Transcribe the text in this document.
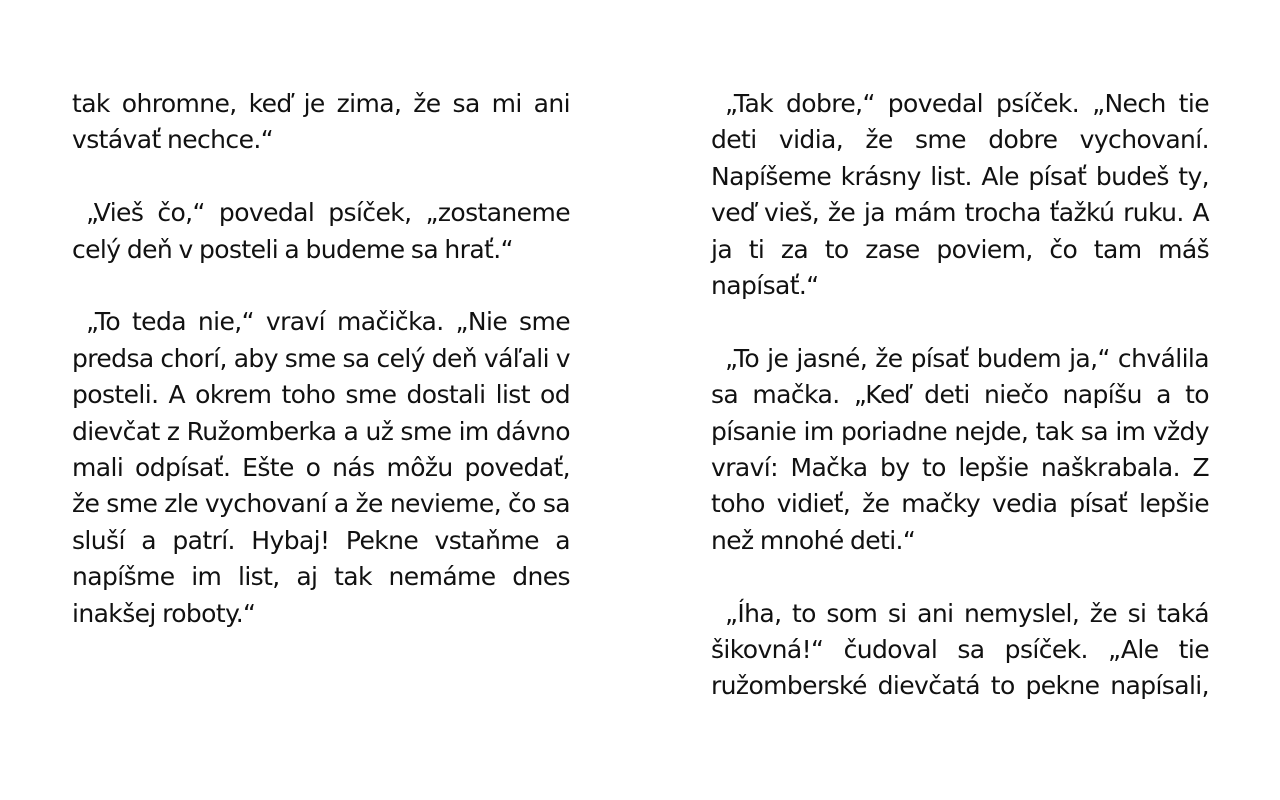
tak ohromne, keď je zima, že sa mi ani vstávať nechce.“

„Vieš čo,“ povedal psíček, „zostaneme celý deň v posteli a budeme sa hrať.“

„To teda nie,“ vraví mačička. „Nie sme predsa chorí, aby sme sa celý deň váľali v posteli. A okrem toho sme dostali list od dievčat z Ružomberka a už sme im dávno mali odpísať. Ešte o nás môžu povedať, že sme zle vychovaní a že nevieme, čo sa sluší a patrí. Hybaj! Pekne vstaňme a napíšme im list, aj tak nemáme dnes inakšej roboty.“

„Tak dobre,“ povedal psíček. „Nech tie deti vidia, že sme dobre vychovaní. Napíšeme krásny list. Ale písať budeš ty, veď vieš, že ja mám trocha ťažkú ruku. A ja ti za to zase poviem, čo tam máš napísať.“

„To je jasné, že písať budem ja,“ chválila sa mačka. „Keď deti niečo napíšu a to písanie im poriadne nejde, tak sa im vždy vraví: Mačka by to lepšie naškrabala. Z toho vidieť, že mačky vedia písať lepšie než mnohé deti.“

„Íha, to som si ani nemyslel, že si taká šikovná!“ čudoval sa psíček. „Ale tie ružomberské dievčatá to pekne napísali,
